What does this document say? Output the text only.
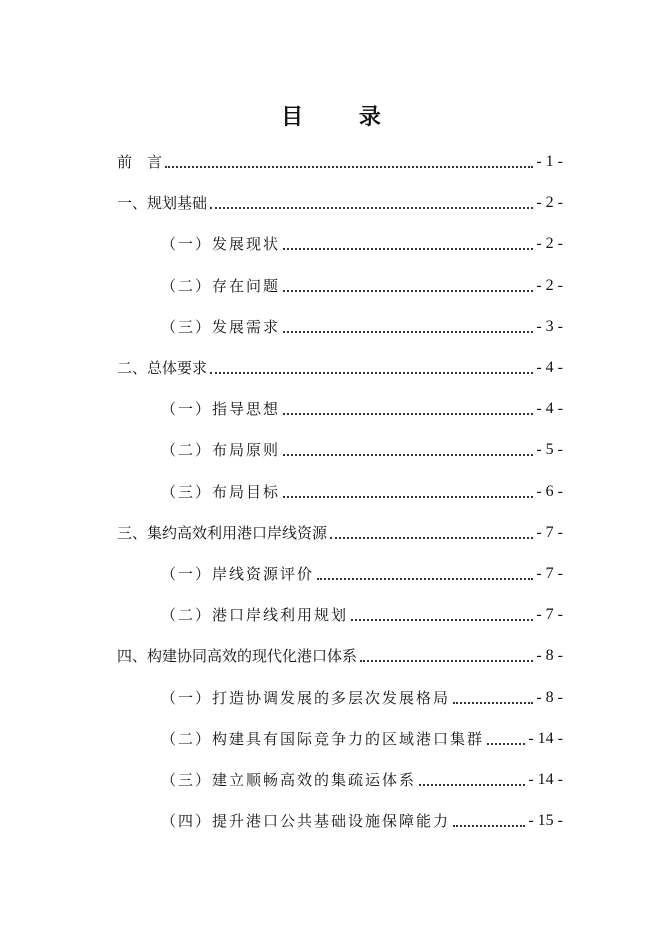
目 录
前　言	- 1 -
一、规划基础	- 2 -
（一）发展现状	- 2 -
（二）存在问题	- 2 -
（三）发展需求	- 3 -
二、总体要求	- 4 -
（一）指导思想	- 4 -
（二）布局原则	- 5 -
（三）布局目标	- 6 -
三、集约高效利用港口岸线资源	- 7 -
（一）岸线资源评价	- 7 -
（二）港口岸线利用规划	- 7 -
四、构建协同高效的现代化港口体系	- 8 -
（一）打造协调发展的多层次发展格局	- 8 -
（二）构建具有国际竞争力的区域港口集群	- 14 -
（三）建立顺畅高效的集疏运体系	- 14 -
（四）提升港口公共基础设施保障能力	- 15 -
